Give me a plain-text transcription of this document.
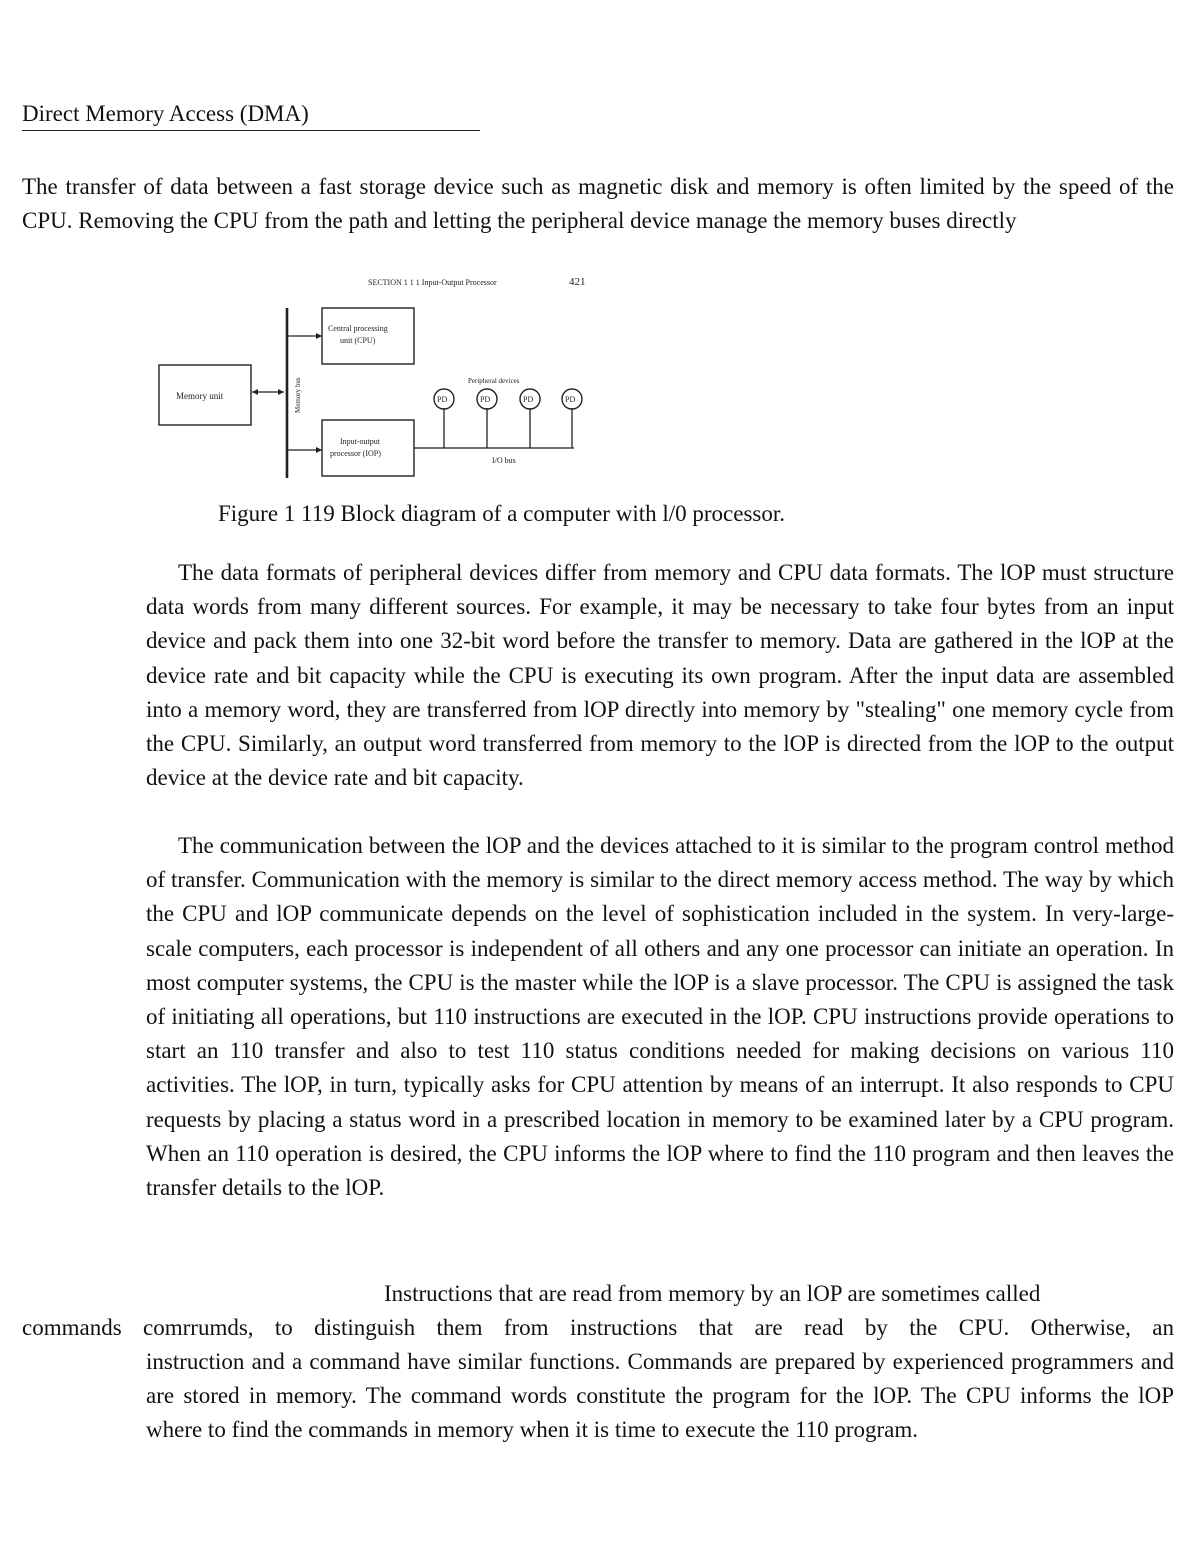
Direct Memory Access (DMA)
The transfer of data between a fast storage device such as magnetic disk and memory is often limited by the speed of the CPU. Removing the CPU from the path and letting the peripheral device manage the memory buses directly
SECTION 1 1 1 Input-Output Processor	421
Memory unit	Memory bus
Central processing
unit (CPU)
Input-output
processor (IOP)
I/O bus
Peripheral devices
PD	PD	PD	PD
Figure 1 119 Block diagram of a computer with l/0 processor.
The data formats of peripheral devices differ from memory and CPU data formats. The lOP must structure data words from many different sources. For example, it may be necessary to take four bytes from an input device and pack them into one 32-bit word before the transfer to memory. Data are gathered in the lOP at the device rate and bit capacity while the CPU is executing its own program. After the input data are assembled into a memory word, they are transferred from lOP directly into memory by "stealing" one memory cycle from the CPU. Similarly, an output word transferred from memory to the lOP is directed from the lOP to the output device at the device rate and bit capacity.
The communication between the lOP and the devices attached to it is similar to the program control method of transfer. Communication with the memory is similar to the direct memory access method. The way by which the CPU and lOP communicate depends on the level of sophistication included in the system. In very-large-scale computers, each processor is independent of all others and any one processor can initiate an operation. In most computer systems, the CPU is the master while the lOP is a slave processor. The CPU is assigned the task of initiating all operations, but 110 instructions are executed in the lOP. CPU instructions provide operations to start an 110 transfer and also to test 110 status conditions needed for making decisions on various 110 activities. The lOP, in turn, typically asks for CPU attention by means of an interrupt. It also responds to CPU requests by placing a status word in a prescribed location in memory to be examined later by a CPU program. When an 110 operation is desired, the CPU informs the lOP where to find the 110 program and then leaves the transfer details to the lOP.
Instructions that are read from memory by an lOP are sometimes called
commands comrrumds, to distinguish them from instructions that are read by the CPU. Otherwise, an
instruction and a command have similar functions. Commands are prepared by experienced programmers and are stored in memory. The command words constitute the program for the lOP. The CPU informs the lOP where to find the commands in memory when it is time to execute the 110 program.
